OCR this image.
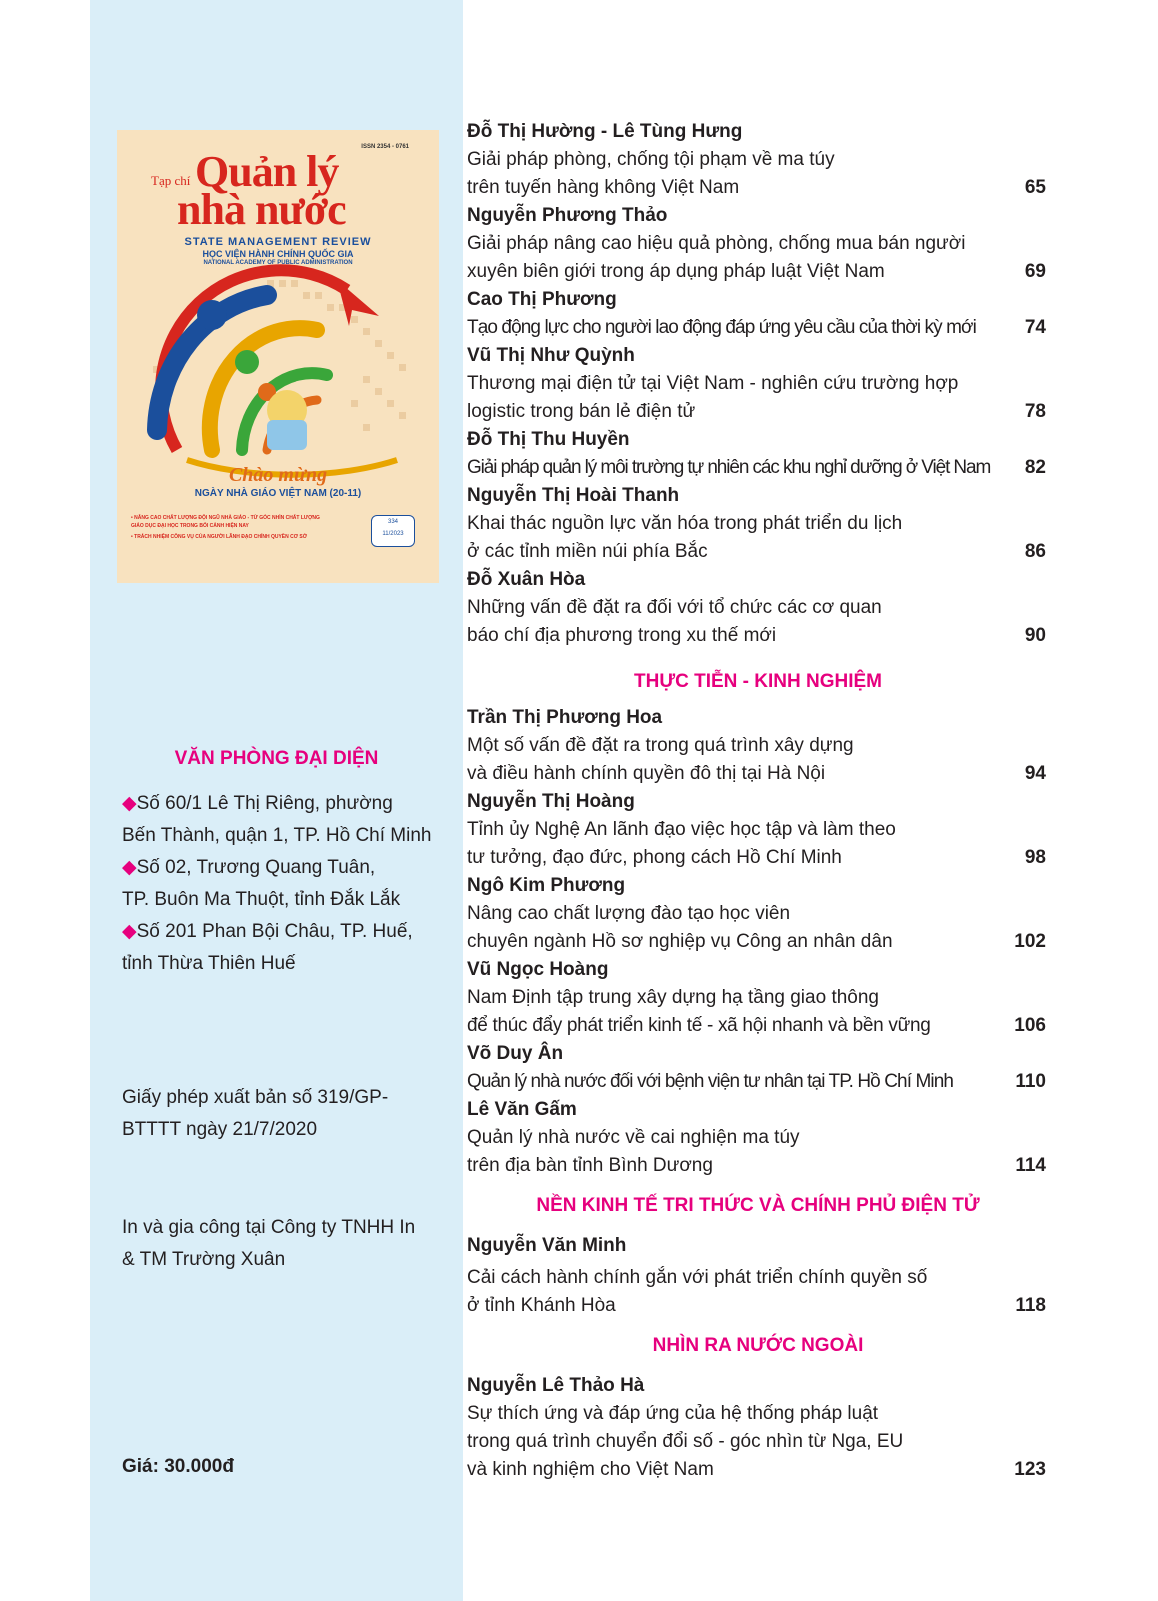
ISSN 2354 - 0761
Tạp chí Quản lý
nhà nước
STATE MANAGEMENT REVIEW
HỌC VIỆN HÀNH CHÍNH QUỐC GIA
NATIONAL ACADEMY OF PUBLIC ADMINISTRATION
Chào mừng
NGÀY NHÀ GIÁO VIỆT NAM (20-11)
• NÂNG CAO CHẤT LƯỢNG ĐỘI NGŨ NHÀ GIÁO - TỪ GÓC NHÌN CHẤT LƯỢNG
GIÁO DỤC ĐẠI HỌC TRONG BỐI CẢNH HIỆN NAY
• TRÁCH NHIỆM CÔNG VỤ CỦA NGƯỜI LÃNH ĐẠO CHÍNH QUYỀN CƠ SỞ
334
11/2023
VĂN PHÒNG ĐẠI DIỆN
◆Số 60/1 Lê Thị Riêng, phường
Bến Thành, quận 1, TP. Hồ Chí Minh
◆Số 02, Trương Quang Tuân,
TP. Buôn Ma Thuột, tỉnh Đắk Lắk
◆Số 201 Phan Bội Châu, TP. Huế,
tỉnh Thừa Thiên Huế
Giấy phép xuất bản số 319/GP-
BTTTT ngày 21/7/2020
In và gia công tại Công ty TNHH In
& TM Trường Xuân
Giá: 30.000đ
Đỗ Thị Hường - Lê Tùng Hưng
Giải pháp phòng, chống tội phạm về ma túy
trên tuyến hàng không Việt Nam	65
Nguyễn Phương Thảo
Giải pháp nâng cao hiệu quả phòng, chống mua bán người
xuyên biên giới trong áp dụng pháp luật Việt Nam	69
Cao Thị Phương
Tạo động lực cho người lao động đáp ứng yêu cầu của thời kỳ mới	74
Vũ Thị Như Quỳnh
Thương mại điện tử tại Việt Nam - nghiên cứu trường hợp
logistic trong bán lẻ điện tử	78
Đỗ Thị Thu Huyền
Giải pháp quản lý môi trường tự nhiên các khu nghỉ dưỡng ở Việt Nam 82
Nguyễn Thị Hoài Thanh
Khai thác nguồn lực văn hóa trong phát triển du lịch
ở các tỉnh miền núi phía Bắc	86
Đỗ Xuân Hòa
Những vấn đề đặt ra đối với tổ chức các cơ quan
báo chí địa phương trong xu thế mới	90
THỰC TIỄN - KINH NGHIỆM
Trần Thị Phương Hoa
Một số vấn đề đặt ra trong quá trình xây dựng
và điều hành chính quyền đô thị tại Hà Nội	94
Nguyễn Thị Hoàng
Tỉnh ủy Nghệ An lãnh đạo việc học tập và làm theo
tư tưởng, đạo đức, phong cách Hồ Chí Minh	98
Ngô Kim Phương
Nâng cao chất lượng đào tạo học viên
chuyên ngành Hồ sơ nghiệp vụ Công an nhân dân	102
Vũ Ngọc Hoàng
Nam Định tập trung xây dựng hạ tầng giao thông
để thúc đẩy phát triển kinh tế - xã hội nhanh và bền vững	106
Võ Duy Ân
Quản lý nhà nước đối với bệnh viện tư nhân tại TP. Hồ Chí Minh	110
Lê Văn Gấm
Quản lý nhà nước về cai nghiện ma túy
trên địa bàn tỉnh Bình Dương	114
NỀN KINH TẾ TRI THỨC VÀ CHÍNH PHỦ ĐIỆN TỬ
Nguyễn Văn Minh
Cải cách hành chính gắn với phát triển chính quyền số
ở tỉnh Khánh Hòa	118
NHÌN RA NƯỚC NGOÀI
Nguyễn Lê Thảo Hà
Sự thích ứng và đáp ứng của hệ thống pháp luật
trong quá trình chuyển đổi số - góc nhìn từ Nga, EU
và kinh nghiệm cho Việt Nam	123
